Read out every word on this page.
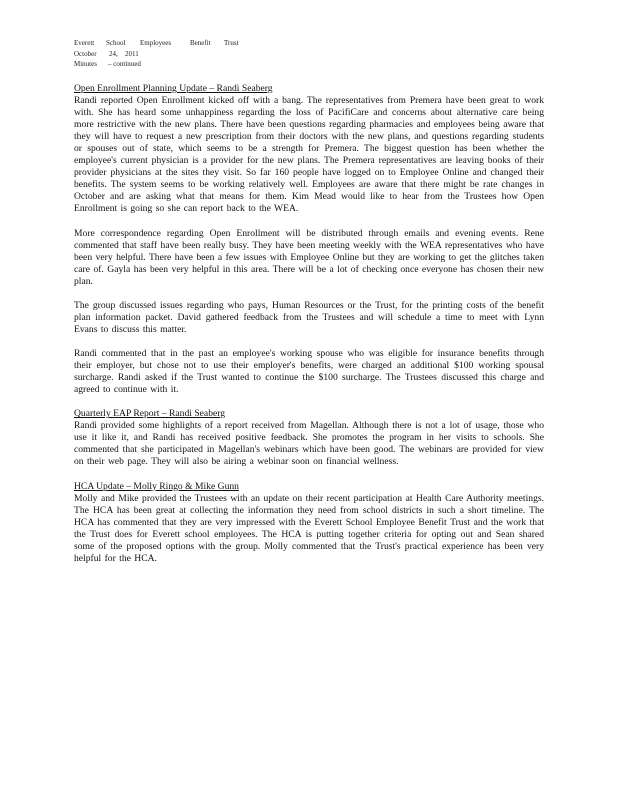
Everett School Employees	Benefit Trust
October 24, 2011
Minutes – continued
Open Enrollment Planning Update – Randi Seaberg

Randi reported Open Enrollment kicked off with a bang. The representatives from Premera have been great to work with. She has heard some unhappiness regarding the loss of PacifiCare and concerns about alternative care being more restrictive with the new plans. There have been questions regarding pharmacies and employees being aware that they will have to request a new prescription from their doctors with the new plans, and questions regarding students or spouses out of state, which seems to be a strength for Premera. The biggest question has been whether the employee's current physician is a provider for the new plans. The Premera representatives are leaving books of their provider physicians at the sites they visit. So far 160 people have logged on to Employee Online and changed their benefits. The system seems to be working relatively well. Employees are aware that there might be rate changes in October and are asking what that means for them. Kim Mead would like to hear from the Trustees how Open Enrollment is going so she can report back to the WEA.

More correspondence regarding Open Enrollment will be distributed through emails and evening events. Rene commented that staff have been really busy. They have been meeting weekly with the WEA representatives who have been very helpful. There have been a few issues with Employee Online but they are working to get the glitches taken care of. Gayla has been very helpful in this area. There will be a lot of checking once everyone has chosen their new plan.

The group discussed issues regarding who pays, Human Resources or the Trust, for the printing costs of the benefit plan information packet. David gathered feedback from the Trustees and will schedule a time to meet with Lynn Evans to discuss this matter.

Randi commented that in the past an employee's working spouse who was eligible for insurance benefits through their employer, but chose not to use their employer's benefits, were charged an additional $100 working spousal surcharge. Randi asked if the Trust wanted to continue the $100 surcharge. The Trustees discussed this charge and agreed to continue with it.

Quarterly EAP Report – Randi Seaberg

Randi provided some highlights of a report received from Magellan. Although there is not a lot of usage, those who use it like it, and Randi has received positive feedback. She promotes the program in her visits to schools. She commented that she participated in Magellan's webinars which have been good. The webinars are provided for view on their web page. They will also be airing a webinar soon on financial wellness.

HCA Update – Molly Ringo & Mike Gunn

Molly and Mike provided the Trustees with an update on their recent participation at Health Care Authority meetings. The HCA has been great at collecting the information they need from school districts in such a short timeline. The HCA has commented that they are very impressed with the Everett School Employee Benefit Trust and the work that the Trust does for Everett school employees. The HCA is putting together criteria for opting out and Sean shared some of the proposed options with the group. Molly commented that the Trust's practical experience has been very helpful for the HCA.
